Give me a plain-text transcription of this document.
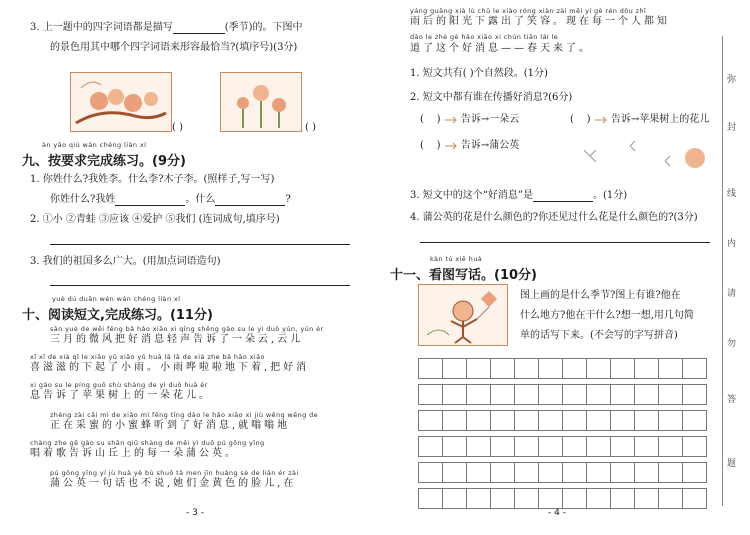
3. 上一题中的四字词语都是描写	(季节)的。下图中
的景色用其中哪个四字词语来形容最恰当?(填序号)(3分)
( )	( )
àn yāo qiú wán chéng liàn xí
九、按要求完成练习。(9分)
1. 你姓什么?我姓李。什么李?木子李。(照样子,写一写)
你姓什么?我姓	。什么	?
2. ①小 ②青蛙 ③应该 ④爱护 ⑤我们 (连词成句,填序号)
3. 我们的祖国多么广大。(用加点词语造句)
yuè dú duǎn wén wán chéng liàn xí
十、阅读短文,完成练习。(11分)
sān yuè de wēi fēng bǎ hǎo xiāo xi qīng shēng gào su le yì duǒ yún, yún ér
三月的微风把好消息轻声告诉了一朵云,云儿
xī xī de xià qǐ le xiǎo yǔ xiǎo yǔ huā lā lā de xià zhe bǎ hǎo xiāo
喜滋滋的下起了小雨。小雨哗啦啦地下着,把好消
xi gào su le píng guǒ shù shàng de yì duǒ huā ér
息告诉了苹果树上的一朵花儿。
zhèng zài cǎi mì de xiǎo mì fēng tīng dào le hǎo xiāo xi jiù wēng wēng de
正在采蜜的小蜜蜂听到了好消息,就嗡嗡地
chàng zhe gē gào su shān qiū shàng de měi yì duǒ pú gōng yīng
唱着歌告诉山丘上的每一朵蒲公英。
pú gōng yīng yí jù huà yě bù shuō tā men jīn huáng sè de liǎn ér zài
蒲公英一句话也不说,她们金黄色的脸儿,在
- 3 -
yáng guāng xià lù chū le xiào róng xiàn zài měi yí gè rén dōu zhī
雨后的阳光下露出了笑容。现在每一个人都知
dào le zhè gè hǎo xiāo xi chūn tiān lái le
道了这个好消息——春天来了。
1. 短文共有( )个自然段。(1分)
2. 短文中都有谁在传播好消息?(6分)
(    ) 告诉→一朵云	(    ) 告诉→苹果树上的花儿
(    ) 告诉→蒲公英
3. 短文中的这个“好消息”是	。(1分)
4. 蒲公英的花是什么颜色的?你还见过什么花是什么颜色的?(3分)
kàn tú xiě huà
十一、看图写话。(10分)
图上画的是什么季节?图上有谁?他在
什么地方?他在干什么?想一想,用几句简
单的话写下来。(不会写的字写拼音)
- 4 -
弥
封
线
内
请
勿
答
题
